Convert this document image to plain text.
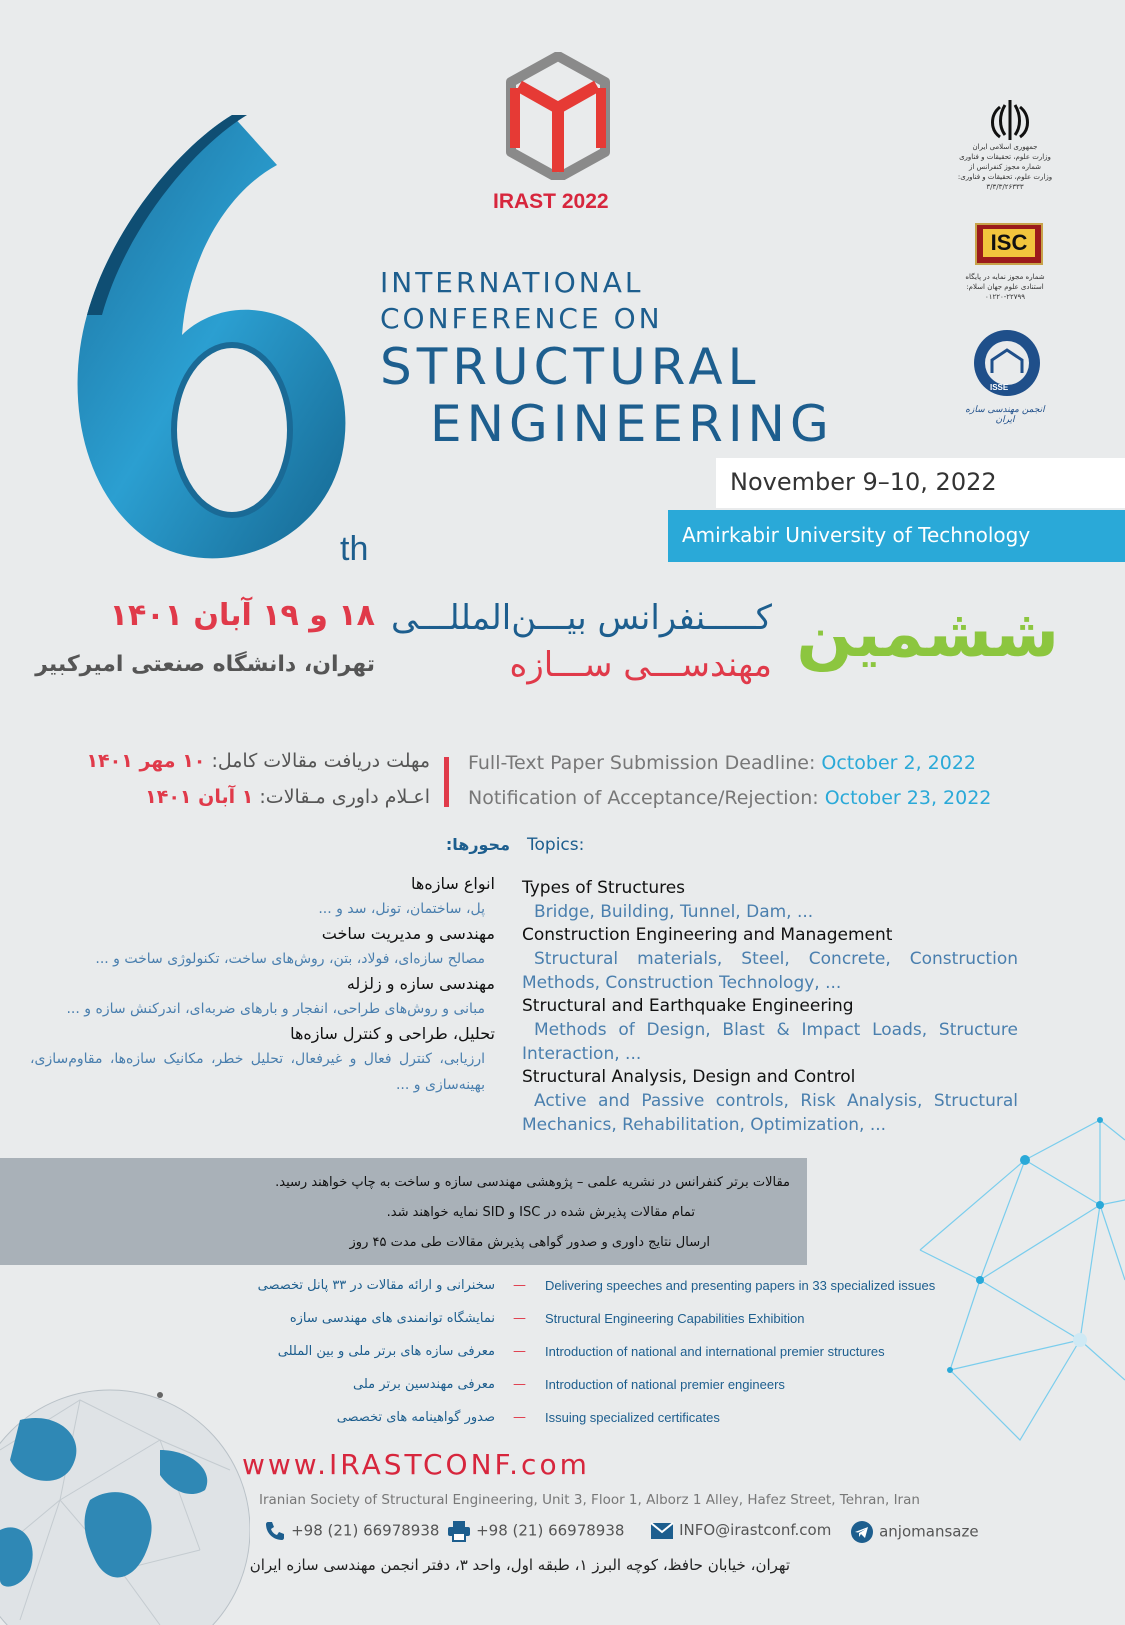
th
IRAST 2022
INTERNATIONAL
CONFERENCE ON
STRUCTURAL
ENGINEERING
جمهوری اسلامی ایران
وزارت علوم، تحقیقات و فناوری
شماره مجوز کنفرانس از
وزارت علوم، تحقیقات و فناوری:
۳/۳/۳/۲۶۳۳۳
ISC
شماره مجوز نمایه در پایگاه
استنادی علوم جهان اسلام:
۰۱۲۲۰-۲۲۷۹۹
ISSE
انجمن مهندسی سازه ایران
November 9–10, 2022
Amirkabir University of Technology
ششمین
کـــــنفرانس بیـــن‌المللـــی
مهندســـی ســـازه
۱۸ و ۱۹ آبان ۱۴۰۱
تهران، دانشگاه صنعتی امیرکبیر
مهلت دریافت مقالات کامل: ۱۰ مهر ۱۴۰۱
اعـلام داوری مـقالات: ۱ آبان ۱۴۰۱
Full-Text Paper Submission Deadline: October 2, 2022
Notification of Acceptance/Rejection: October 23, 2022
Topics:
محورها:
Types of Structures
Bridge, Building, Tunnel, Dam, ...
Construction Engineering and Management
Structural materials, Steel, Concrete, Construction Methods, Construction Technology, ...
Structural and Earthquake Engineering
Methods of Design, Blast & Impact Loads, Structure Interaction, ...
Structural Analysis, Design and Control
Active and Passive controls, Risk Analysis, Structural Mechanics, Rehabilitation, Optimization, ...
انواع سازه‌ها
پل، ساختمان، تونل، سد و ...
مهندسی و مدیریت ساخت
مصالح سازه‌ای، فولاد، بتن، روش‌های ساخت، تکنولوژی ساخت و ...
مهندسی سازه و زلزله
مبانی و روش‌های طراحی، انفجار و بارهای ضربه‌ای، اندرکنش سازه و ...
تحلیل، طراحی و کنترل سازه‌ها
ارزیابی، کنترل فعال و غیرفعال، تحلیل خطر، مکانیک سازه‌ها، مقاوم‌سازی، بهینه‌سازی و ...
مقالات برتر کنفرانس در نشریه علمی – پژوهشی مهندسی سازه و ساخت به چاپ خواهند رسید.
تمام مقالات پذیرش شده در ISC و SID نمایه خواهند شد.
ارسال نتایج داوری و صدور گواهی پذیرش مقالات طی مدت ۴۵ روز
سخنرانی و ارائه مقالات در ۳۳ پانل تخصصی — Delivering speeches and presenting papers in 33 specialized issues
نمایشگاه توانمندی های مهندسی سازه — Structural Engineering Capabilities Exhibition
معرفی سازه های برتر ملی و بین المللی — Introduction of national and international premier structures
معرفی مهندسین برتر ملی — Introduction of national premier engineers
صدور گواهینامه های تخصصی — Issuing specialized certificates
www.IRASTCONF.com
Iranian Society of Structural Engineering, Unit 3, Floor 1, Alborz 1 Alley, Hafez Street, Tehran, Iran
+98 (21) 66978938	+98 (21) 66978938	INFO@irastconf.com	anjomansaze
تهران، خیابان حافظ، کوچه البرز ۱، طبقه اول، واحد ۳، دفتر انجمن مهندسی سازه ایران
